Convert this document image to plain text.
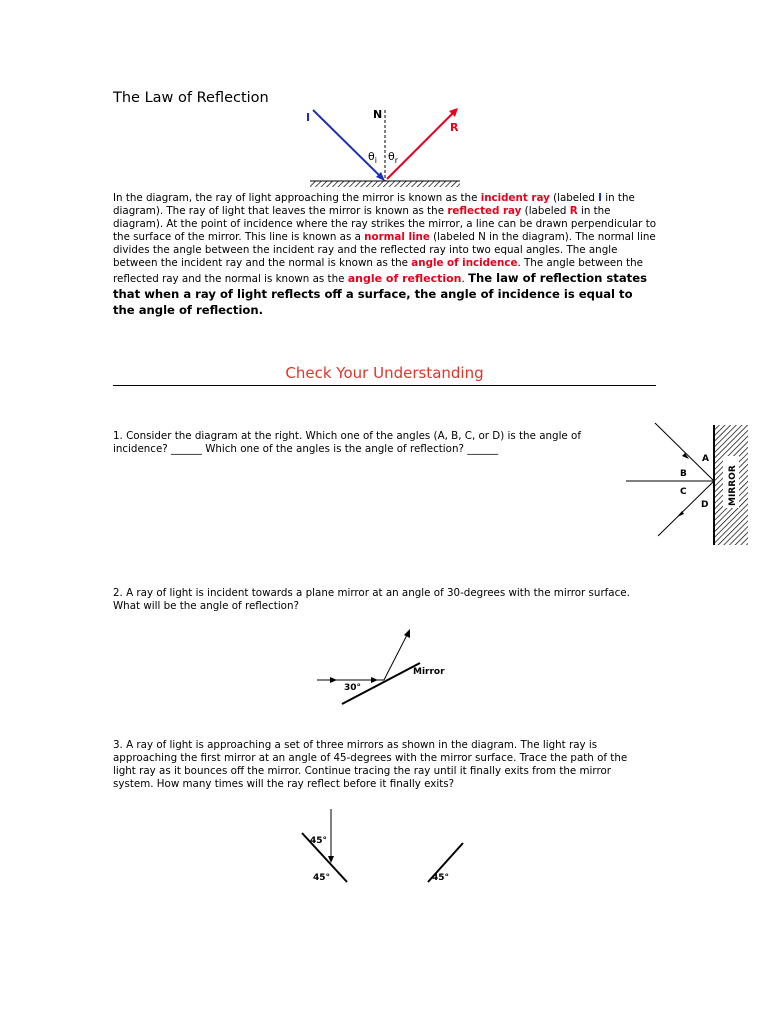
The Law of Reflection
I	N
R
$\theta_i$ $\theta_r$
In the diagram, the ray of light approaching the mirror is known as the incident ray (labeled I in the diagram). The ray of light that leaves the mirror is known as the reflected ray (labeled R in the diagram). At the point of incidence where the ray strikes the mirror, a line can be drawn perpendicular to the surface of the mirror. This line is known as a normal line (labeled N in the diagram). The normal line divides the angle between the incident ray and the reflected ray into two equal angles. The angle between the incident ray and the normal is known as the angle of incidence. The angle between the reflected ray and the normal is known as the angle of reflection. The law of reflection states that when a ray of light reflects off a surface, the angle of incidence is equal to the angle of reflection.
Check Your Understanding
1. Consider the diagram at the right. Which one of the angles (A, B, C, or D) is the angle of incidence? ______ Which one of the angles is the angle of reflection? ______
MIRROR
A
B
C
D
2. A ray of light is incident towards a plane mirror at an angle of 30-degrees with the mirror surface. What will be the angle of reflection?
30°
Mirror
3. A ray of light is approaching a set of three mirrors as shown in the diagram. The light ray is approaching the first mirror at an angle of 45-degrees with the mirror surface. Trace the path of the light ray as it bounces off the mirror. Continue tracing the ray until it finally exits from the mirror system. How many times will the ray reflect before it finally exits?
45°
45°	45°
